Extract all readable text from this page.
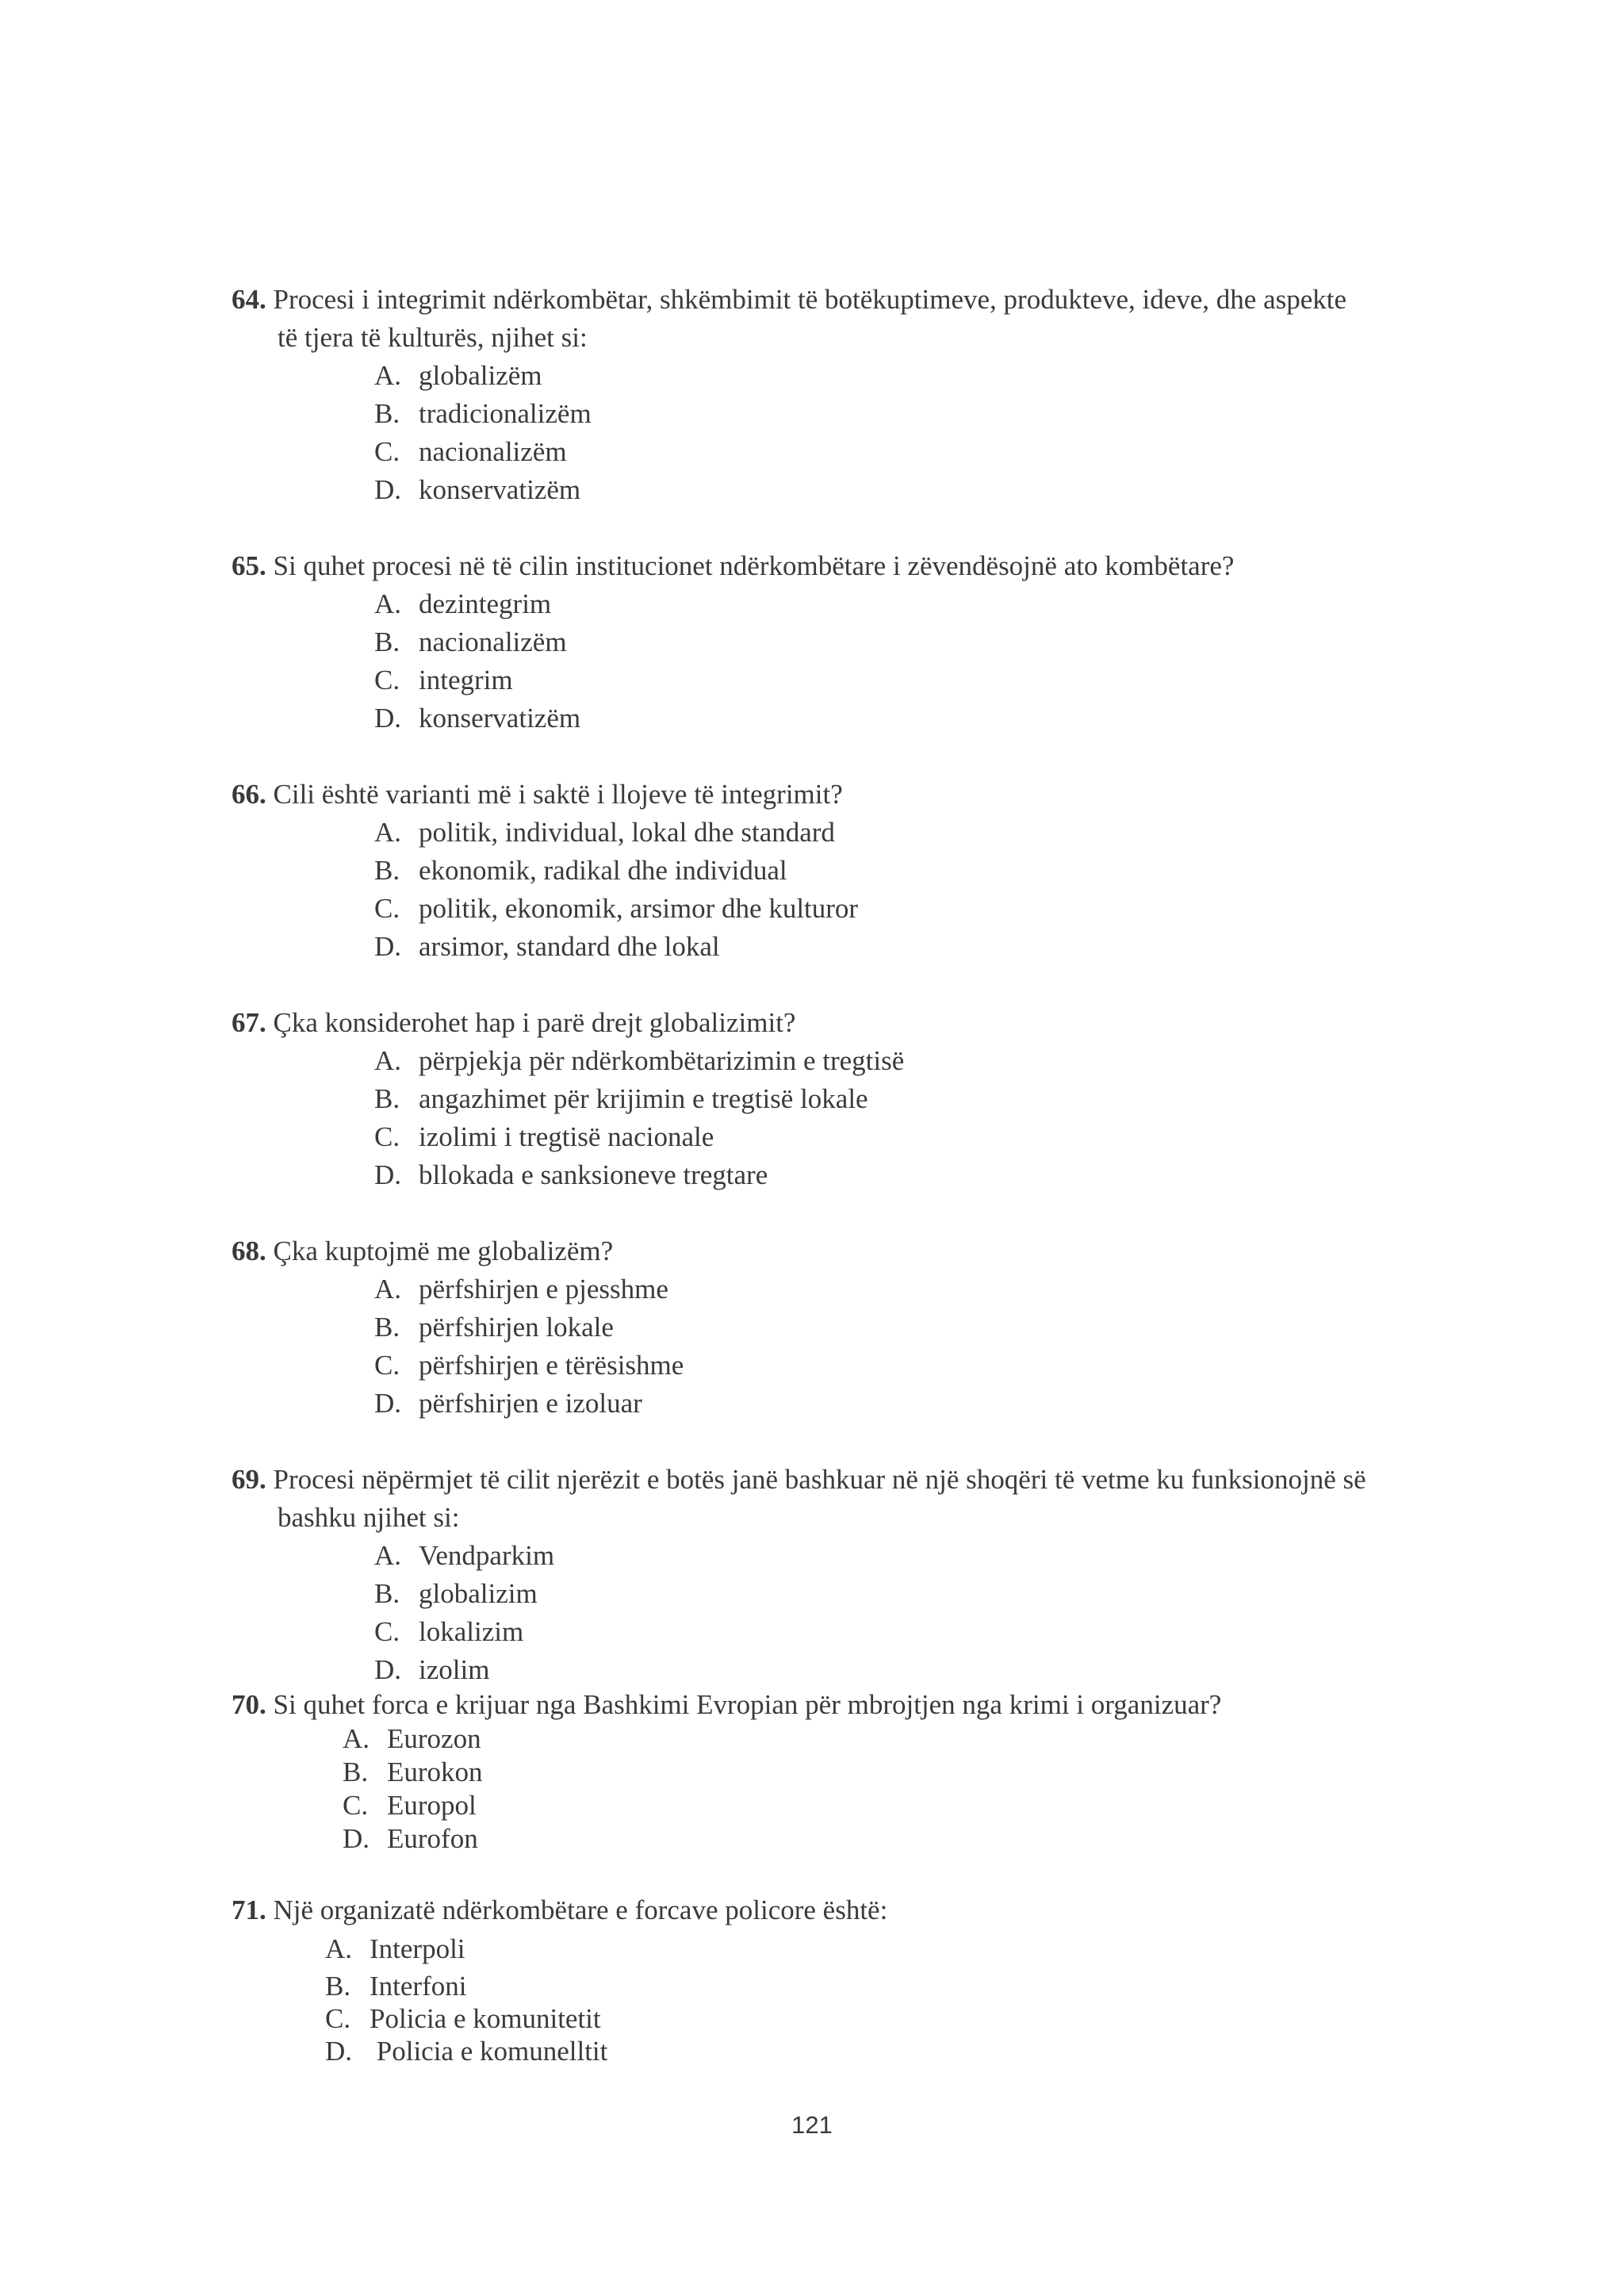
64. Procesi i integrimit ndërkombëtar, shkëmbimit të botëkuptimeve, produkteve, ideve, dhe aspekte
të tjera të kulturës, njihet si:
A. globalizëm
B. tradicionalizëm
C. nacionalizëm
D. konservatizëm
65. Si quhet procesi në të cilin institucionet ndërkombëtare i zëvendësojnë ato kombëtare?
A. dezintegrim
B. nacionalizëm
C. integrim
D. konservatizëm
66. Cili është varianti më i saktë i llojeve të integrimit?
A. politik, individual, lokal dhe standard
B. ekonomik, radikal dhe individual
C. politik, ekonomik, arsimor dhe kulturor
D. arsimor, standard dhe lokal
67. Çka konsiderohet hap i parë drejt globalizimit?
A. përpjekja për ndërkombëtarizimin e tregtisë
B. angazhimet për krijimin e tregtisë lokale
C. izolimi i tregtisë nacionale
D. bllokada e sanksioneve tregtare
68. Çka kuptojmë me globalizëm?
A. përfshirjen e pjesshme
B. përfshirjen lokale
C. përfshirjen e tërësishme
D. përfshirjen e izoluar
69. Procesi nëpërmjet të cilit njerëzit e botës janë bashkuar në një shoqëri të vetme ku funksionojnë së
bashku njihet si:
A. Vendparkim
B. globalizim
C. lokalizim
D. izolim
70. Si quhet forca e krijuar nga Bashkimi Evropian për mbrojtjen nga krimi i organizuar?
A. Eurozon
B. Eurokon
C. Europol
D. Eurofon
71. Një organizatë ndërkombëtare e forcave policore është:
A. Interpoli
B. Interfoni
C. Policia e komunitetit
D. Policia e komunelltit
121
